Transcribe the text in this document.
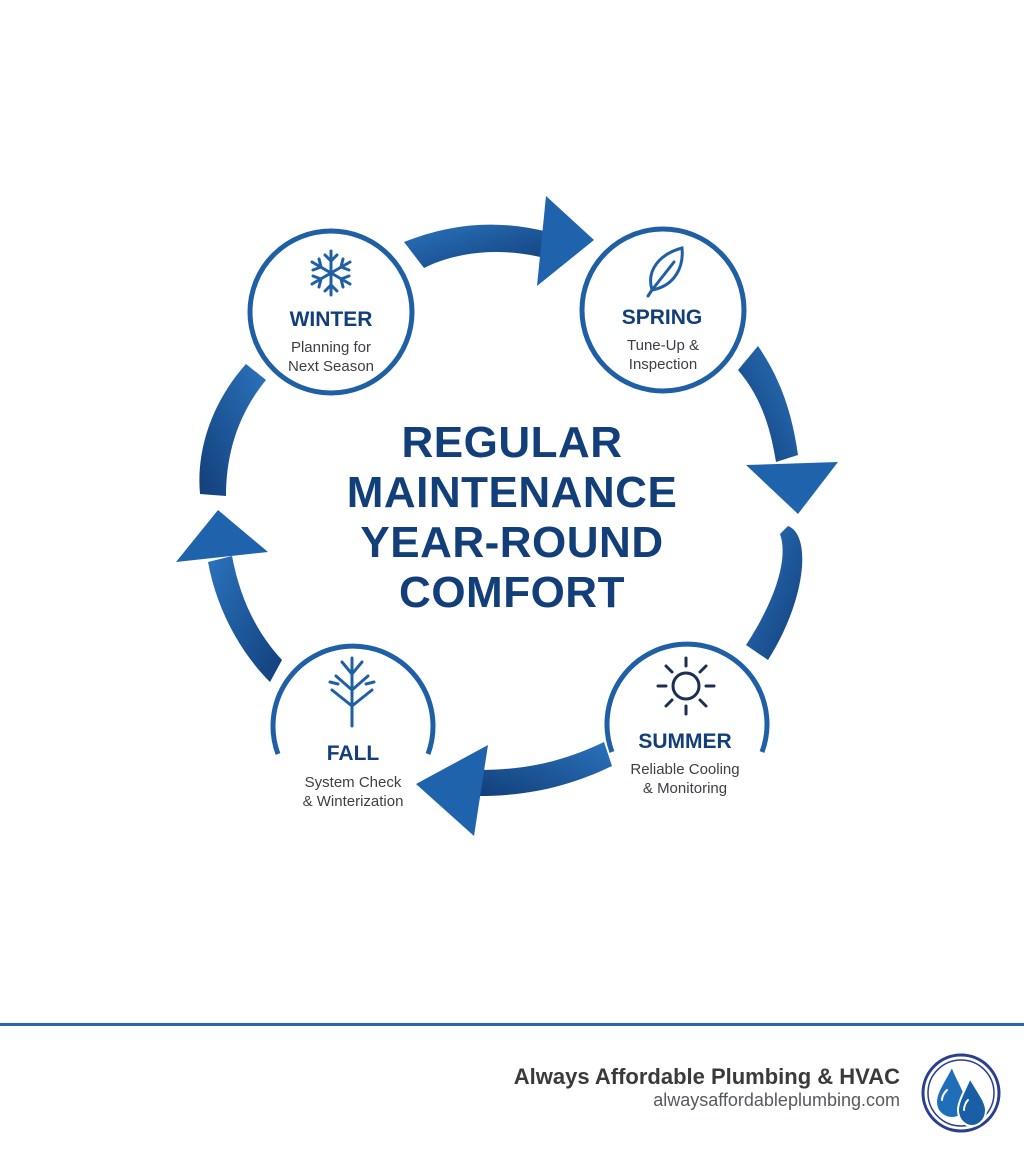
REGULAR
MAINTENANCE
YEAR-ROUND
COMFORT
WINTER
Planning for
Next Season
SPRING
Tune-Up &
Inspection
SUMMER
Reliable Cooling
& Monitoring
FALL
System Check
& Winterization
Always Affordable Plumbing & HVAC
alwaysaffordableplumbing.com
